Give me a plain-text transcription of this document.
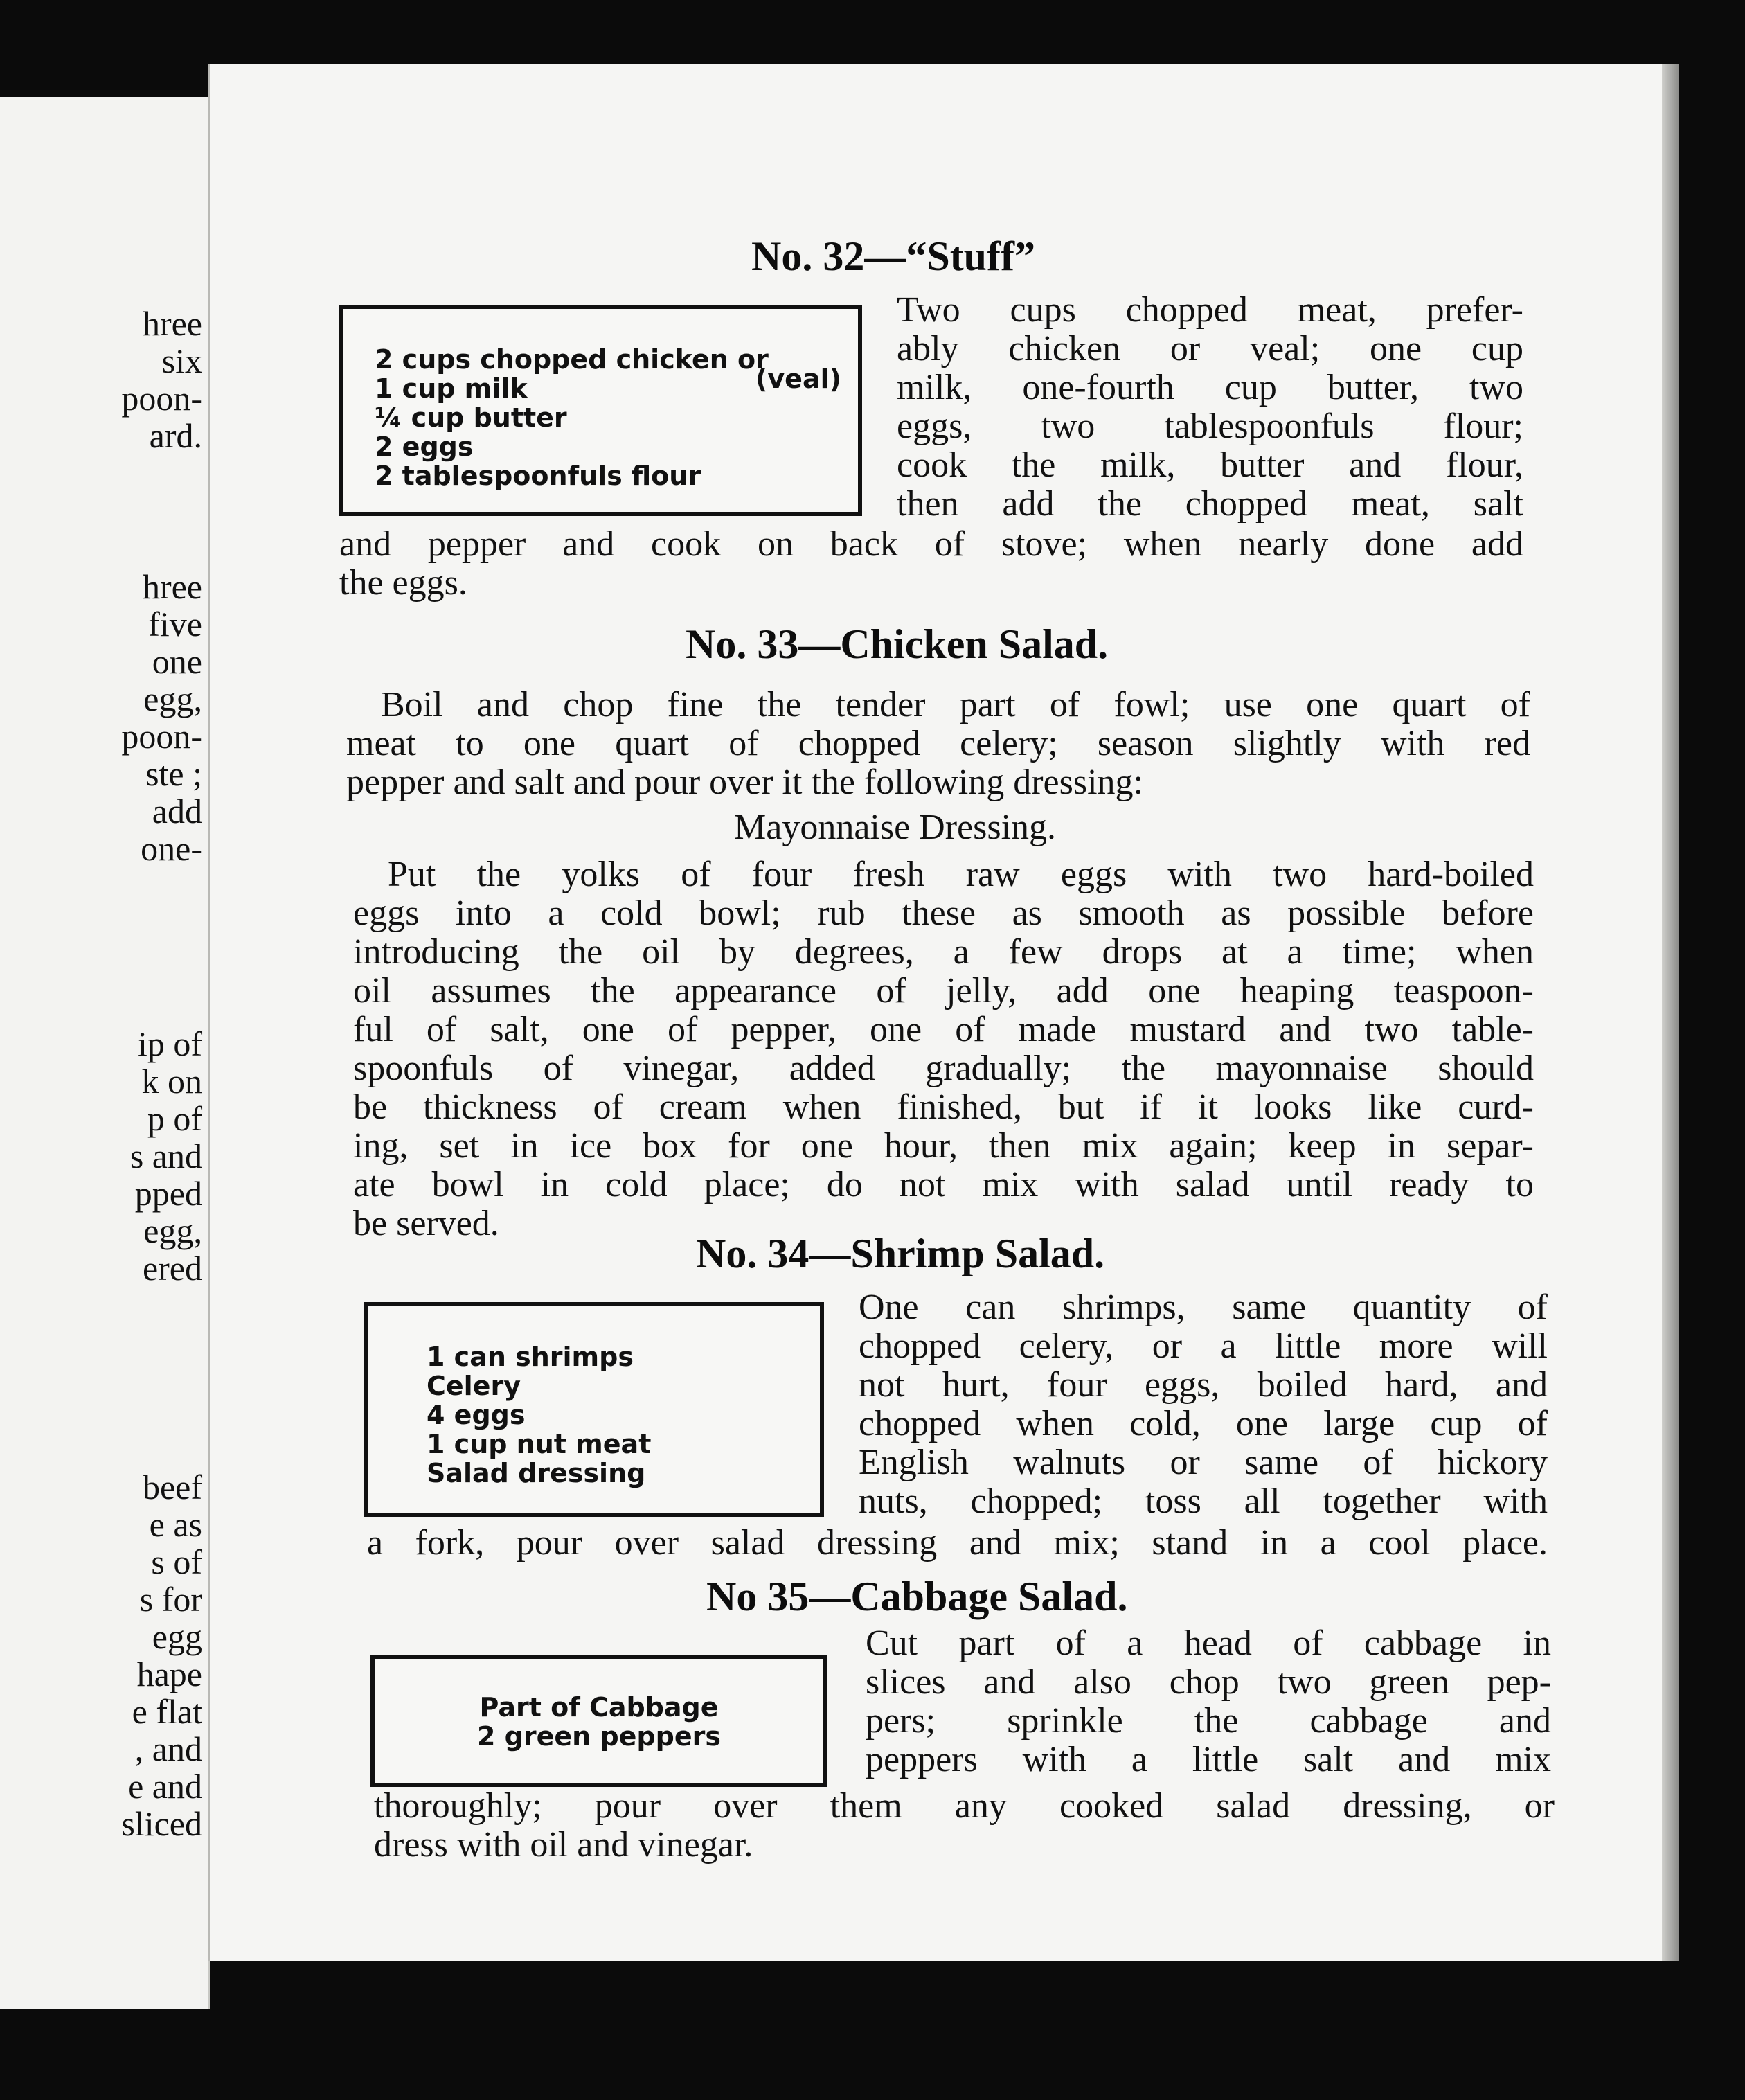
hree
six
poon-
ard.
hree
five
one
egg,
poon-
ste ;
add
one-
ip of
k on
p of
s and
pped
egg,
ered
beef
e as
s of
s for
egg
hape
e flat
, and
e and
sliced
No. 32—“Stuff”
2 cups chopped chicken or
1 cup milk
¼ cup butter
2 eggs
2 tablespoonfuls flour
(veal)
Two cups chopped meat, prefer-
ably chicken or veal; one cup
milk, one-fourth cup butter, two
eggs, two tablespoonfuls flour;
cook the milk, butter and flour,
then add the chopped meat, salt
and pepper and cook on back of stove; when nearly done add
the eggs.
No. 33—Chicken Salad.
Boil and chop fine the tender part of fowl; use one quart of
meat to one quart of chopped celery; season slightly with red
pepper and salt and pour over it the following dressing:
Mayonnaise Dressing.
Put the yolks of four fresh raw eggs with two hard-boiled
eggs into a cold bowl; rub these as smooth as possible before
introducing the oil by degrees, a few drops at a time; when
oil assumes the appearance of jelly, add one heaping teaspoon-
ful of salt, one of pepper, one of made mustard and two table-
spoonfuls of vinegar, added gradually; the mayonnaise should
be thickness of cream when finished, but if it looks like curd-
ing, set in ice box for one hour, then mix again; keep in separ-
ate bowl in cold place; do not mix with salad until ready to
be served.
No. 34—Shrimp Salad.
1 can shrimps
Celery
4 eggs
1 cup nut meat
Salad dressing
One can shrimps, same quantity of
chopped celery, or a little more will
not hurt, four eggs, boiled hard, and
chopped when cold, one large cup of
English walnuts or same of hickory
nuts, chopped; toss all together with
a fork, pour over salad dressing and mix; stand in a cool place.
No 35—Cabbage Salad.
Part of Cabbage
2 green peppers
Cut part of a head of cabbage in
slices and also chop two green pep-
pers; sprinkle the cabbage and
peppers with a little salt and mix
thoroughly; pour over them any cooked salad dressing, or
dress with oil and vinegar.
